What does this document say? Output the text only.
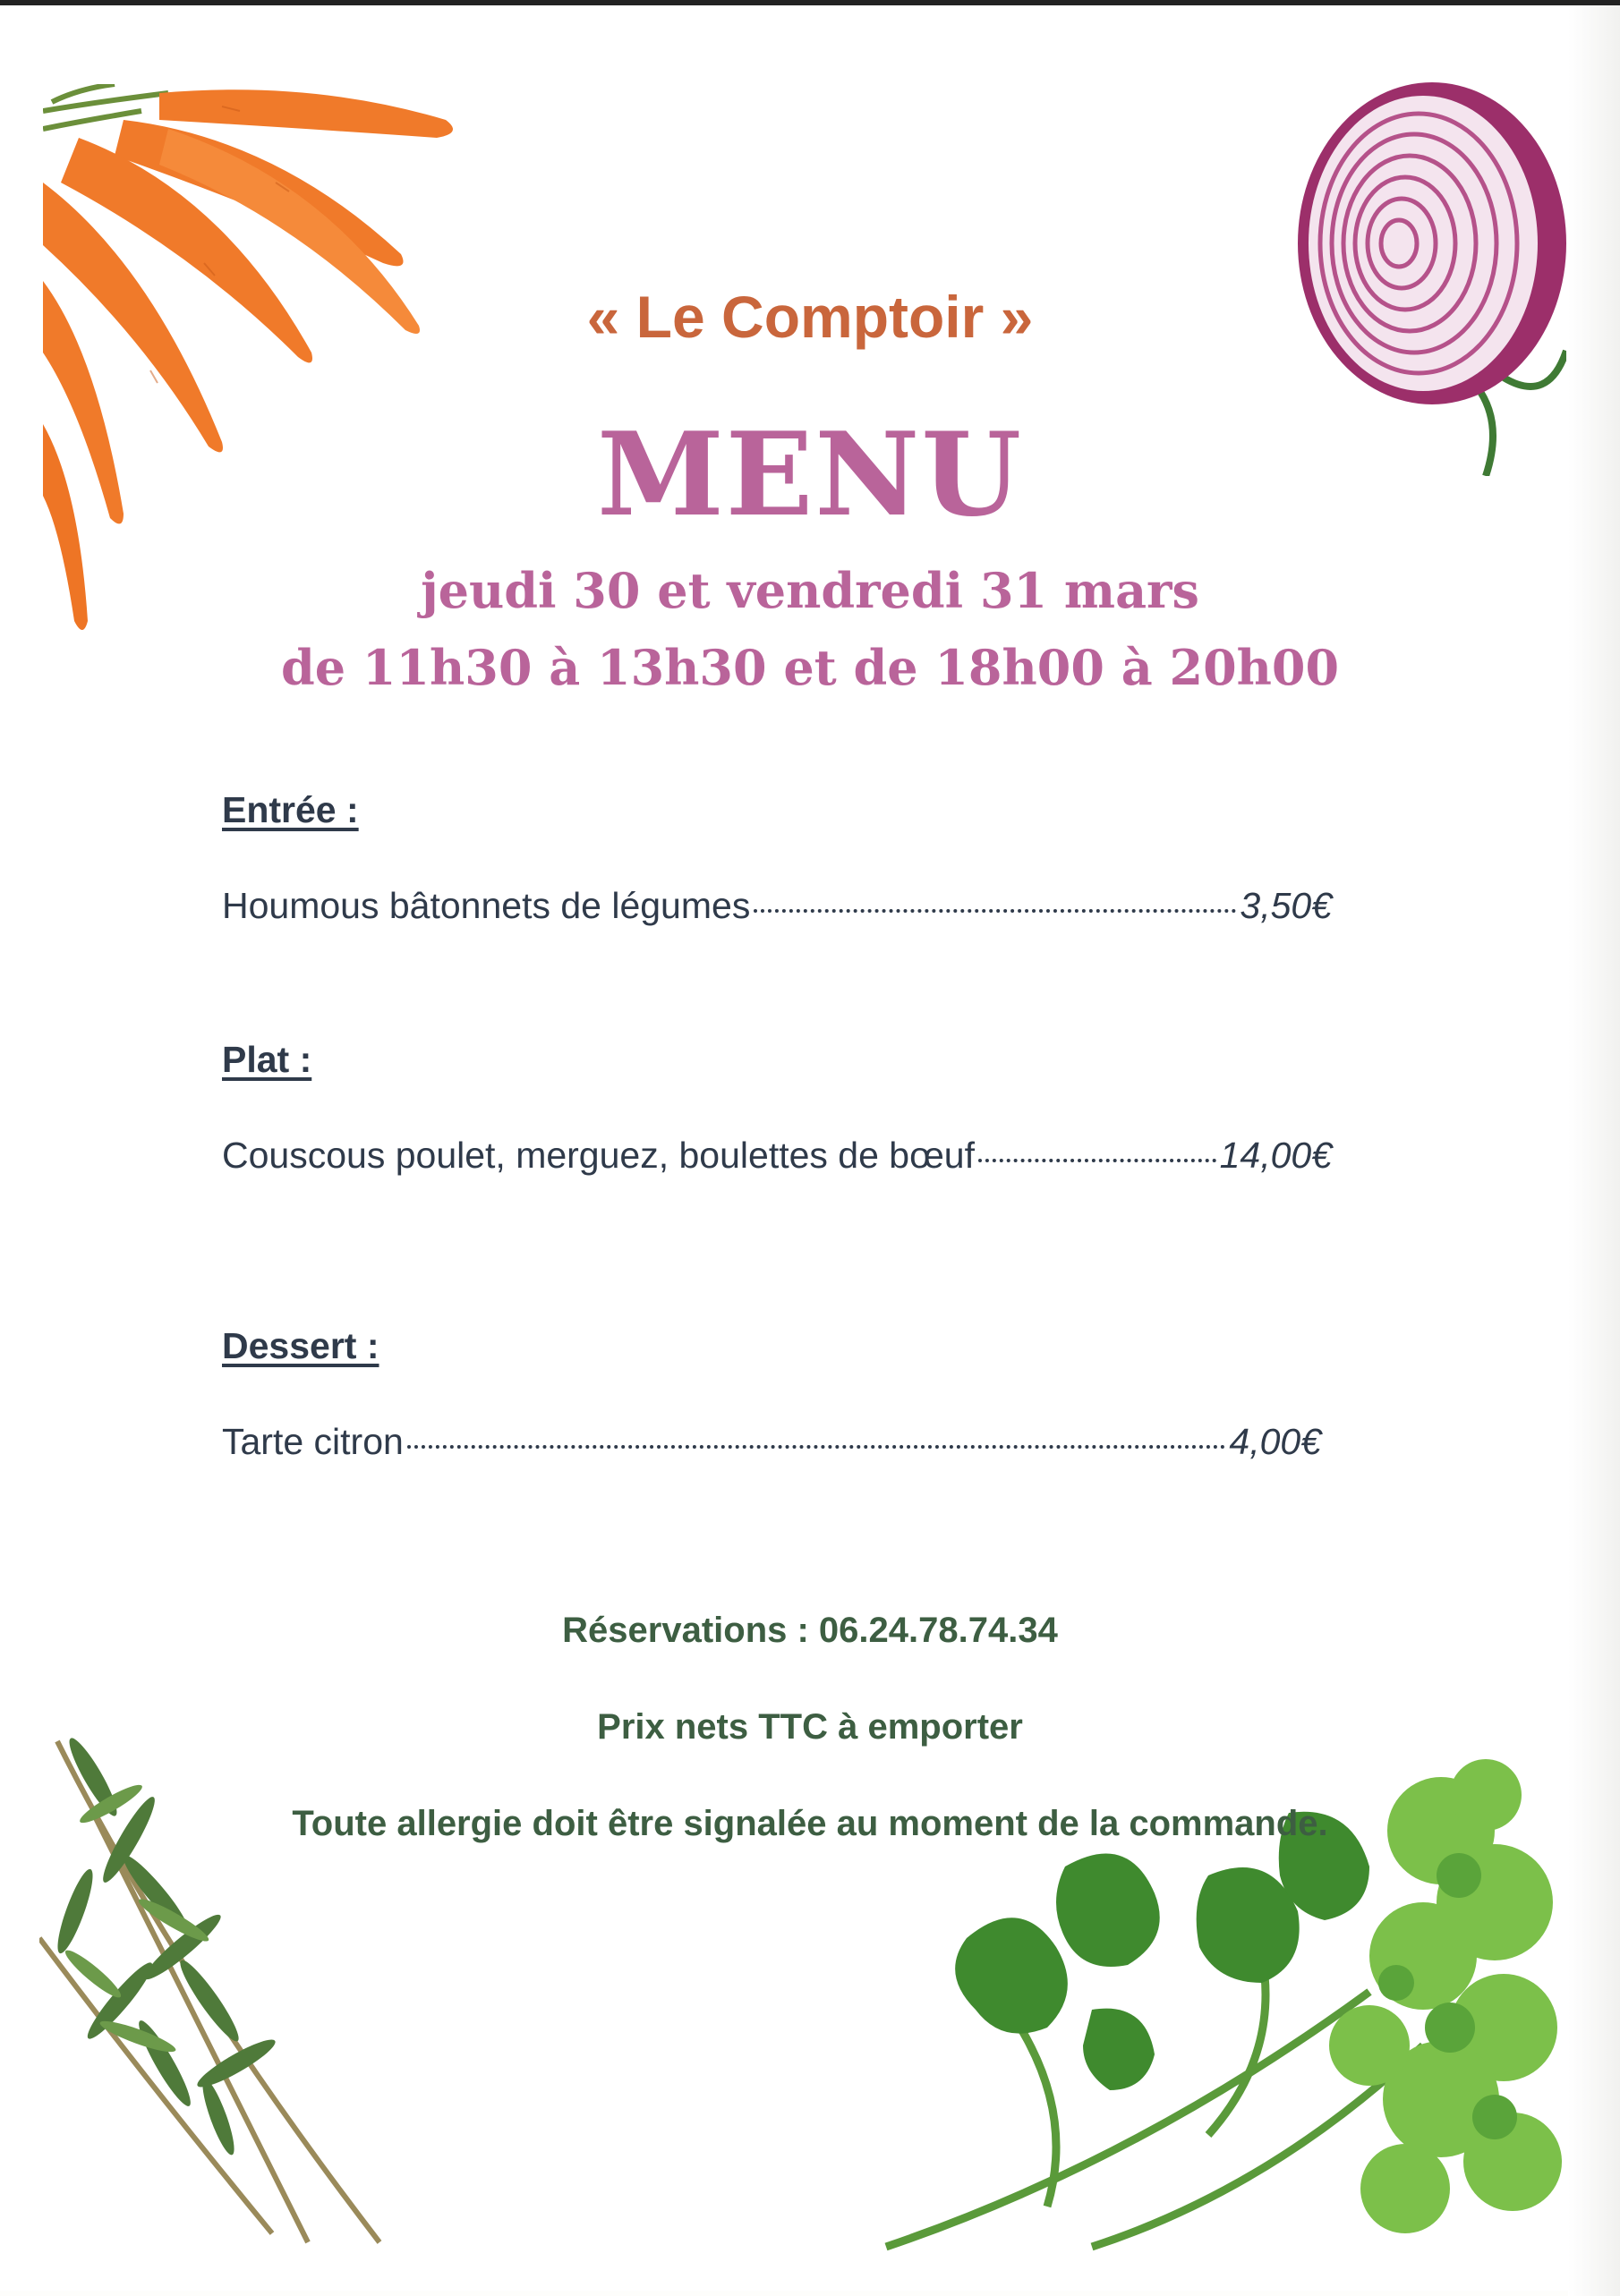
« Le Comptoir »
MENU
jeudi 30 et vendredi 31 mars
de 11h30 à 13h30 et de 18h00 à 20h00
Entrée :
Houmous bâtonnets de légumes	3,50€
Plat :
Couscous poulet, merguez, boulettes de bœuf	14,00€
Dessert :
Tarte citron	4,00€
Réservations : 06.24.78.74.34
Prix nets TTC à emporter
Toute allergie doit être signalée au moment de la commande.
